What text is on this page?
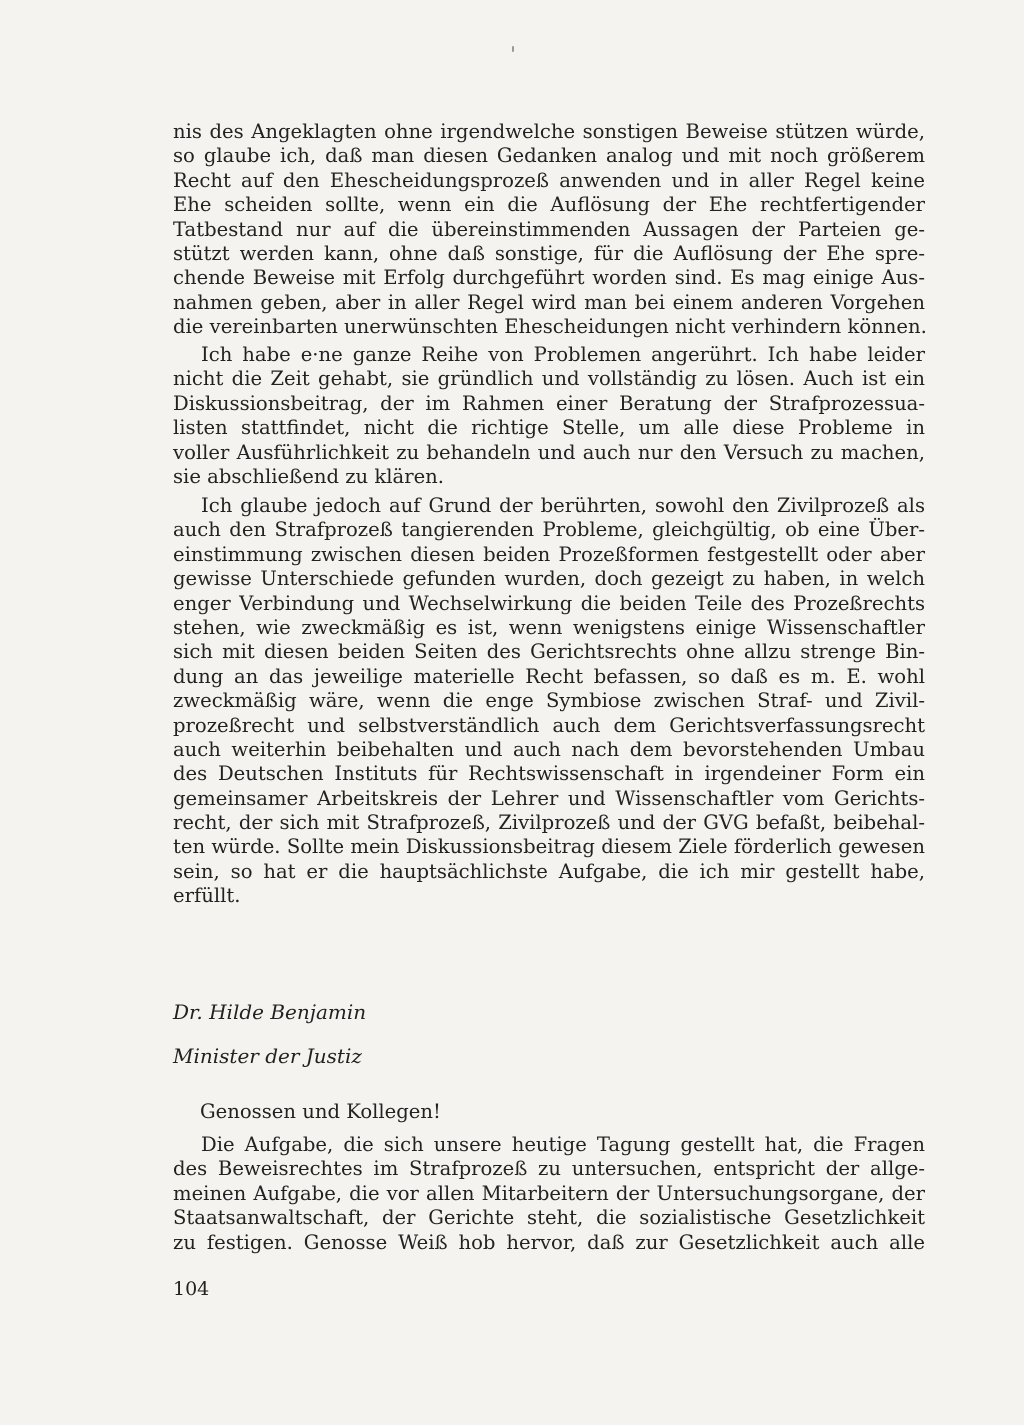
nis des Angeklagten ohne irgendwelche sonstigen Beweise stützen würde,
so glaube ich, daß man diesen Gedanken analog und mit noch größerem
Recht auf den Ehescheidungsprozeß anwenden und in aller Regel keine
Ehe scheiden sollte, wenn ein die Auflösung der Ehe rechtfertigender
Tatbestand nur auf die übereinstimmenden Aussagen der Parteien ge-
stützt werden kann, ohne daß sonstige, für die Auflösung der Ehe spre-
chende Beweise mit Erfolg durchgeführt worden sind. Es mag einige Aus-
nahmen geben, aber in aller Regel wird man bei einem anderen Vorgehen
die vereinbarten unerwünschten Ehescheidungen nicht verhindern können.
Ich habe e·ne ganze Reihe von Problemen angerührt. Ich habe leider
nicht die Zeit gehabt, sie gründlich und vollständig zu lösen. Auch ist ein
Diskussionsbeitrag, der im Rahmen einer Beratung der Strafprozessua-
listen stattfindet, nicht die richtige Stelle, um alle diese Probleme in
voller Ausführlichkeit zu behandeln und auch nur den Versuch zu machen,
sie abschließend zu klären.
Ich glaube jedoch auf Grund der berührten, sowohl den Zivilprozeß als
auch den Strafprozeß tangierenden Probleme, gleichgültig, ob eine Über-
einstimmung zwischen diesen beiden Prozeßformen festgestellt oder aber
gewisse Unterschiede gefunden wurden, doch gezeigt zu haben, in welch
enger Verbindung und Wechselwirkung die beiden Teile des Prozeßrechts
stehen, wie zweckmäßig es ist, wenn wenigstens einige Wissenschaftler
sich mit diesen beiden Seiten des Gerichtsrechts ohne allzu strenge Bin-
dung an das jeweilige materielle Recht befassen, so daß es m. E. wohl
zweckmäßig wäre, wenn die enge Symbiose zwischen Straf- und Zivil-
prozeßrecht und selbstverständlich auch dem Gerichtsverfassungsrecht
auch weiterhin beibehalten und auch nach dem bevorstehenden Umbau
des Deutschen Instituts für Rechtswissenschaft in irgendeiner Form ein
gemeinsamer Arbeitskreis der Lehrer und Wissenschaftler vom Gerichts-
recht, der sich mit Strafprozeß, Zivilprozeß und der GVG befaßt, beibehal-
ten würde. Sollte mein Diskussionsbeitrag diesem Ziele förderlich gewesen
sein, so hat er die hauptsächlichste Aufgabe, die ich mir gestellt habe,
erfüllt.
Dr. Hilde Benjamin
Minister der Justiz
Genossen und Kollegen!
Die Aufgabe, die sich unsere heutige Tagung gestellt hat, die Fragen
des Beweisrechtes im Strafprozeß zu untersuchen, entspricht der allge-
meinen Aufgabe, die vor allen Mitarbeitern der Untersuchungsorgane, der
Staatsanwaltschaft, der Gerichte steht, die sozialistische Gesetzlichkeit
zu festigen. Genosse Weiß hob hervor, daß zur Gesetzlichkeit auch alle
104
